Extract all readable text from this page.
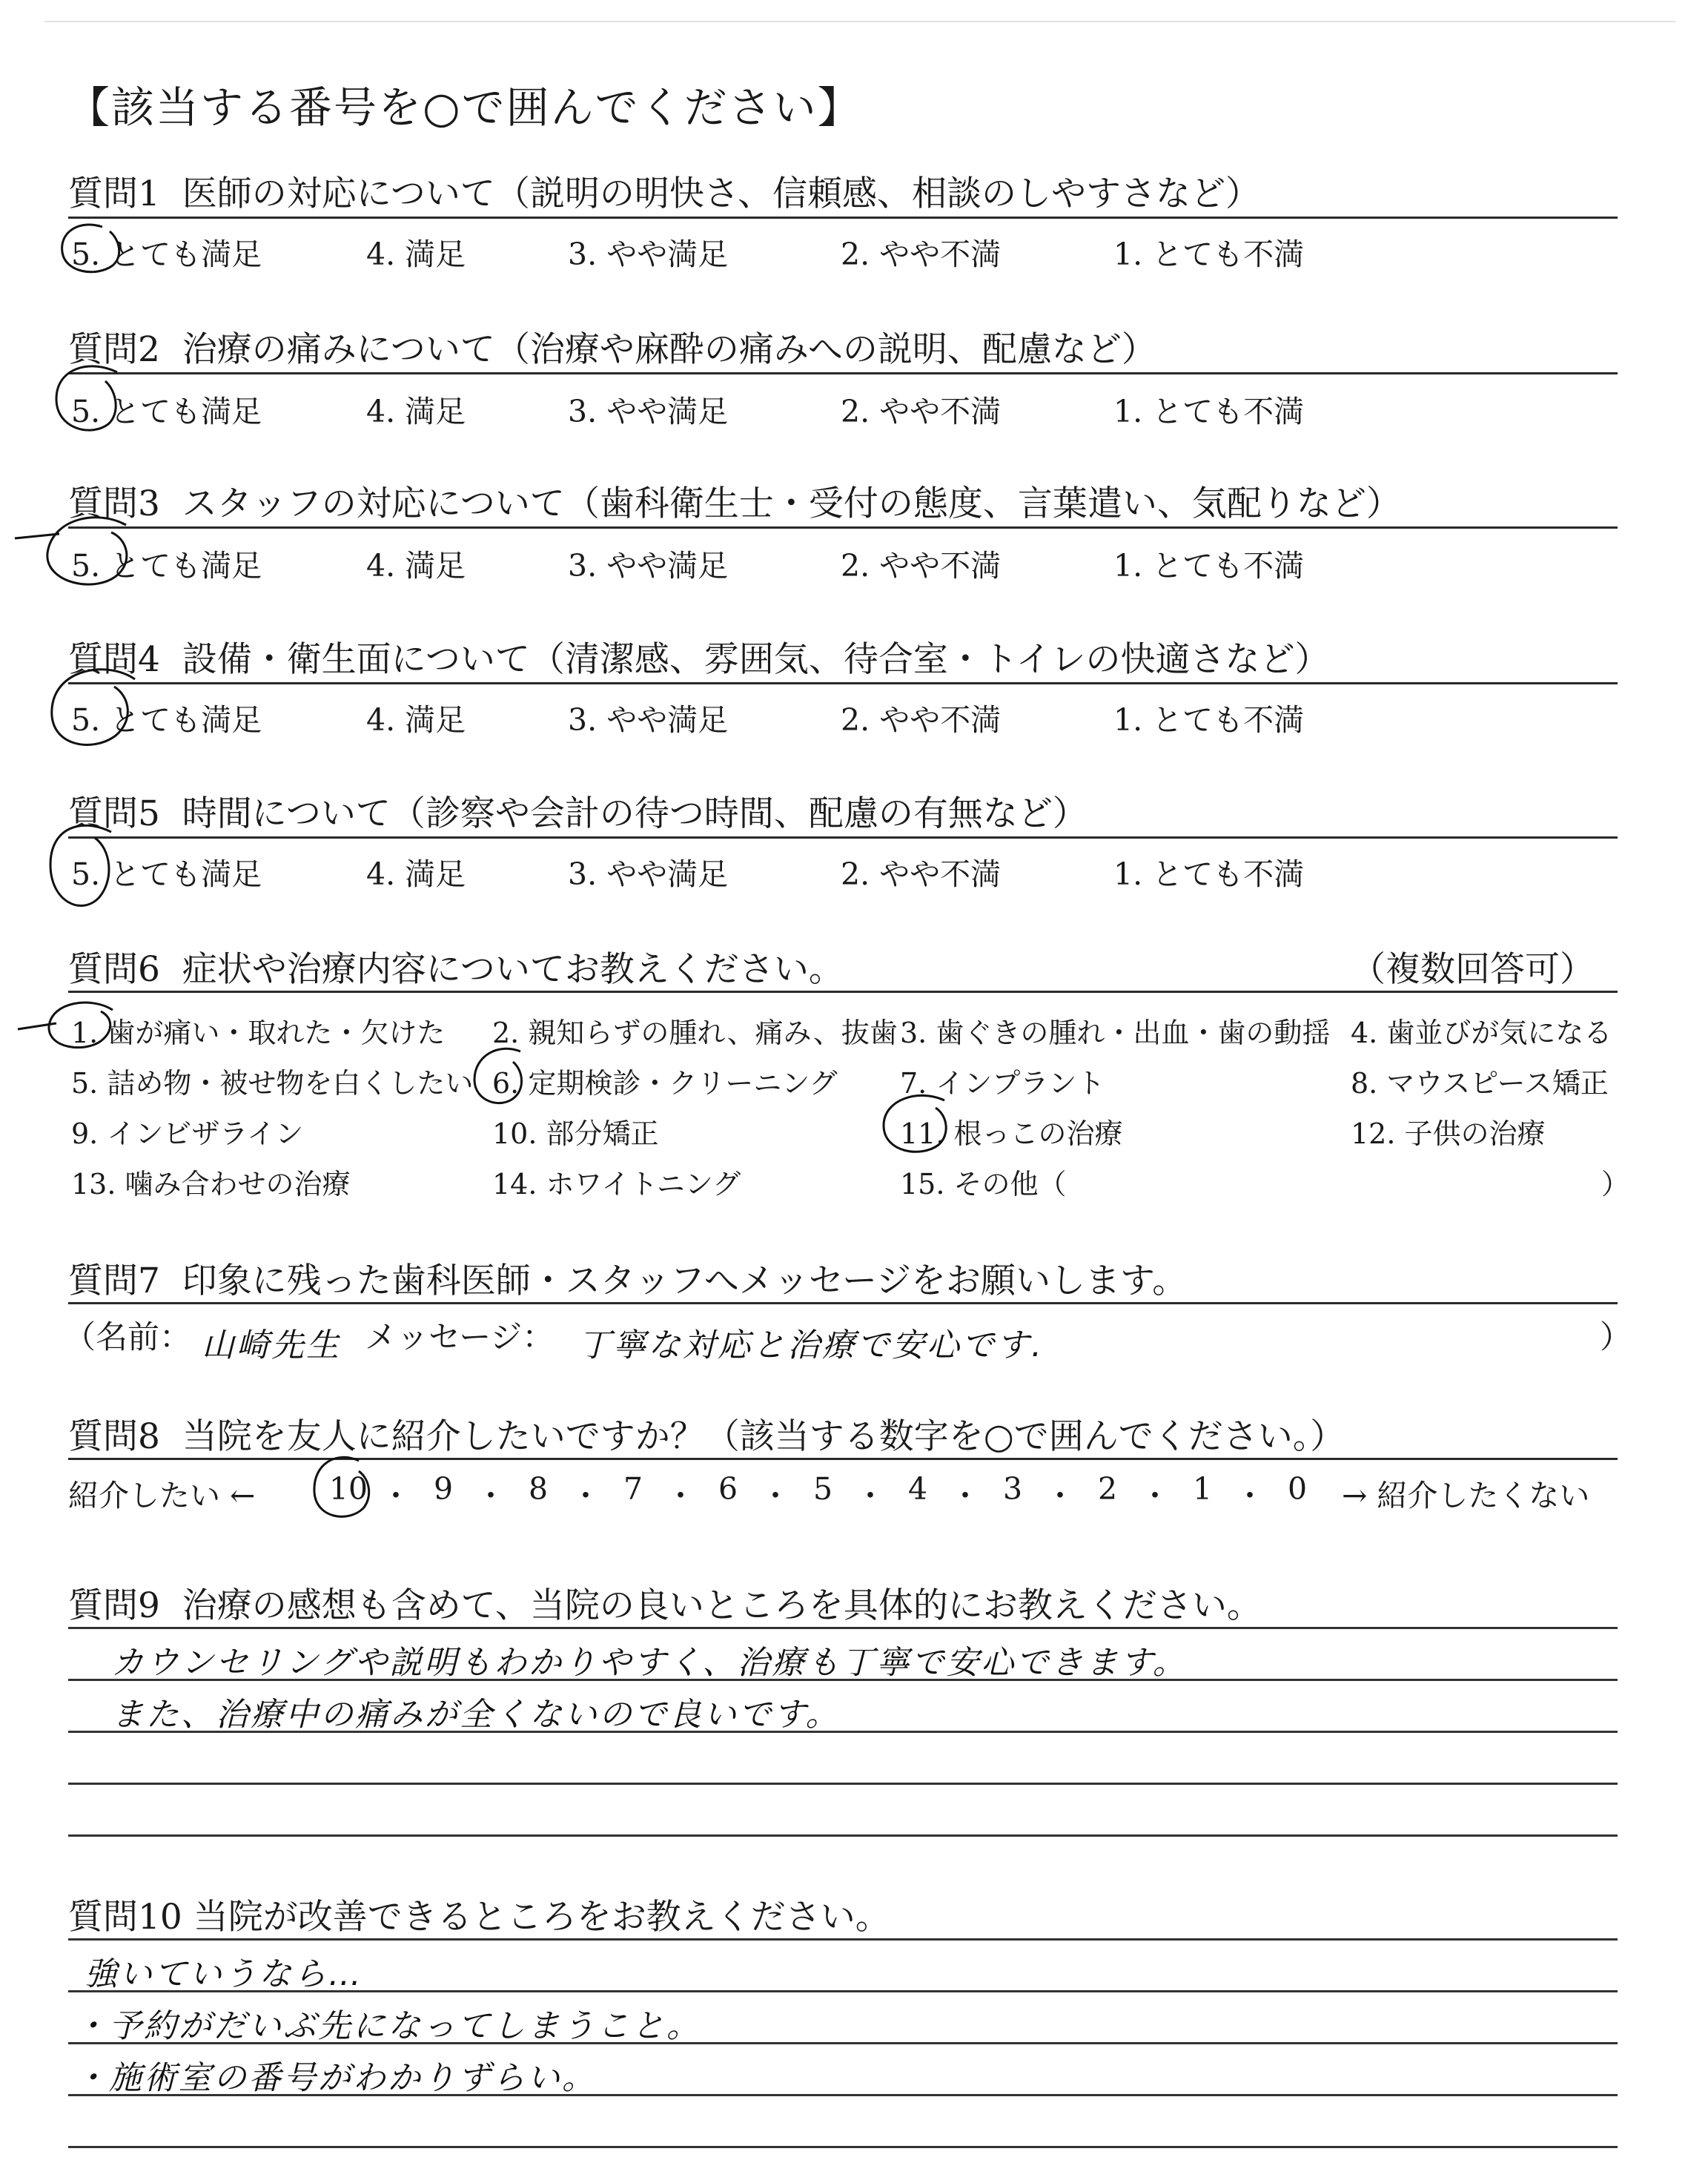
【該当する番号を○で囲んでください】
質問1 医師の対応について（説明の明快さ、信頼感、相談のしやすさなど）
5. とても満足	4. 満足	3. やや満足	2. やや不満	1. とても不満
質問2 治療の痛みについて（治療や麻酔の痛みへの説明、配慮など）
5. とても満足	4. 満足	3. やや満足	2. やや不満	1. とても不満
質問3 スタッフの対応について（歯科衛生士・受付の態度、言葉遣い、気配りなど）
5. とても満足	4. 満足	3. やや満足	2. やや不満	1. とても不満
質問4 設備・衛生面について（清潔感、雰囲気、待合室・トイレの快適さなど）
5. とても満足	4. 満足	3. やや満足	2. やや不満	1. とても不満
質問5 時間について（診察や会計の待つ時間、配慮の有無など）
5. とても満足	4. 満足	3. やや満足	2. やや不満	1. とても不満
質問6 症状や治療内容についてお教えください。	（複数回答可）
1. 歯が痛い・取れた・欠けた 2. 親知らずの腫れ、痛み、抜歯 3. 歯ぐきの腫れ・出血・歯の動揺 4. 歯並びが気になる
5. 詰め物・被せ物を白くしたい 6. 定期検診・クリーニング 7. インプラント	8. マウスピース矯正
9. インビザライン	10. 部分矯正	11. 根っこの治療	12. 子供の治療
13. 噛み合わせの治療	14. ホワイトニング	15. その他（	）
質問7 印象に残った歯科医師・スタッフへメッセージをお願いします。
（名前： 山崎先生 メッセージ： 丁寧な対応と治療で安心です.	）
質問8 当院を友人に紹介したいですか？（該当する数字を○で囲んでください。）
紹介したい ← 10 ・ 9 ・ 8 ・ 7 ・ 6 ・ 5 ・ 4 ・ 3 ・ 2 ・ 1 ・ 0	→ 紹介したくない
質問9 治療の感想も含めて、当院の良いところを具体的にお教えください。
カウンセリングや説明もわかりやすく、治療も丁寧で安心できます。
また、治療中の痛みが全くないので良いです。
質問10 当院が改善できるところをお教えください。
強いていうなら…
・予約がだいぶ先になってしまうこと。
・施術室の番号がわかりずらい。
